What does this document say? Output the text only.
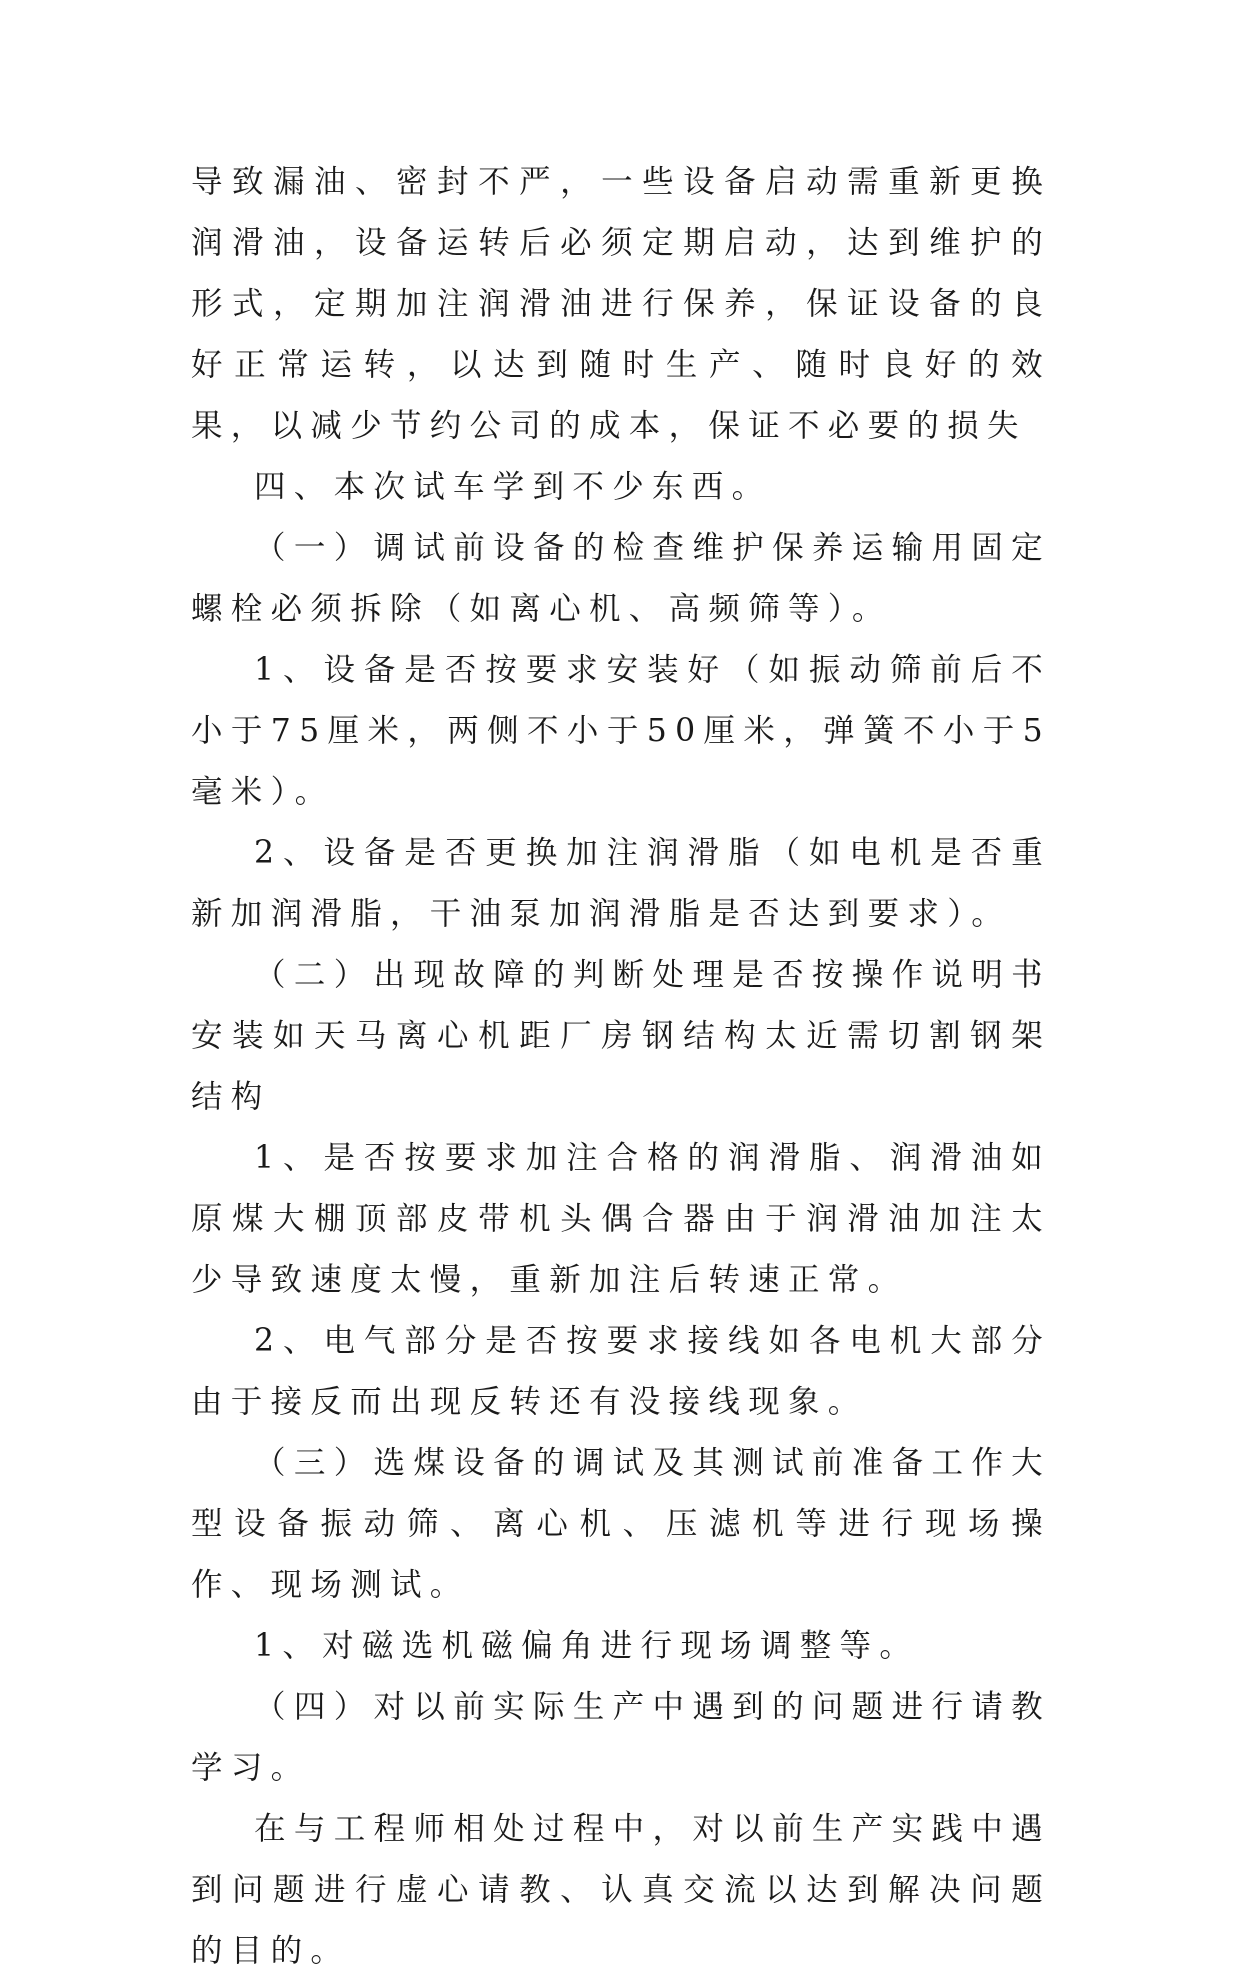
导致漏油、密封不严，一些设备启动需重新更换润滑油，设备运转后必须定期启动，达到维护的形式，定期加注润滑油进行保养，保证设备的良好正常运转，以达到随时生产、随时良好的效果，以减少节约公司的成本，保证不必要的损失

四、本次试车学到不少东西。

（一）调试前设备的检查维护保养运输用固定螺栓必须拆除（如离心机、高频筛等）。

1、设备是否按要求安装好（如振动筛前后不小于75厘米，两侧不小于50厘米，弹簧不小于5毫米）。

2、设备是否更换加注润滑脂（如电机是否重新加润滑脂，干油泵加润滑脂是否达到要求）。

（二）出现故障的判断处理是否按操作说明书安装如天马离心机距厂房钢结构太近需切割钢架结构

1、是否按要求加注合格的润滑脂、润滑油如原煤大棚顶部皮带机头偶合器由于润滑油加注太少导致速度太慢，重新加注后转速正常。

2、电气部分是否按要求接线如各电机大部分由于接反而出现反转还有没接线现象。

（三）选煤设备的调试及其测试前准备工作大型设备振动筛、离心机、压滤机等进行现场操作、现场测试。

1、对磁选机磁偏角进行现场调整等。

（四）对以前实际生产中遇到的问题进行请教学习。

在与工程师相处过程中，对以前生产实践中遇到问题进行虚心请教、认真交流以达到解决问题的目的。
